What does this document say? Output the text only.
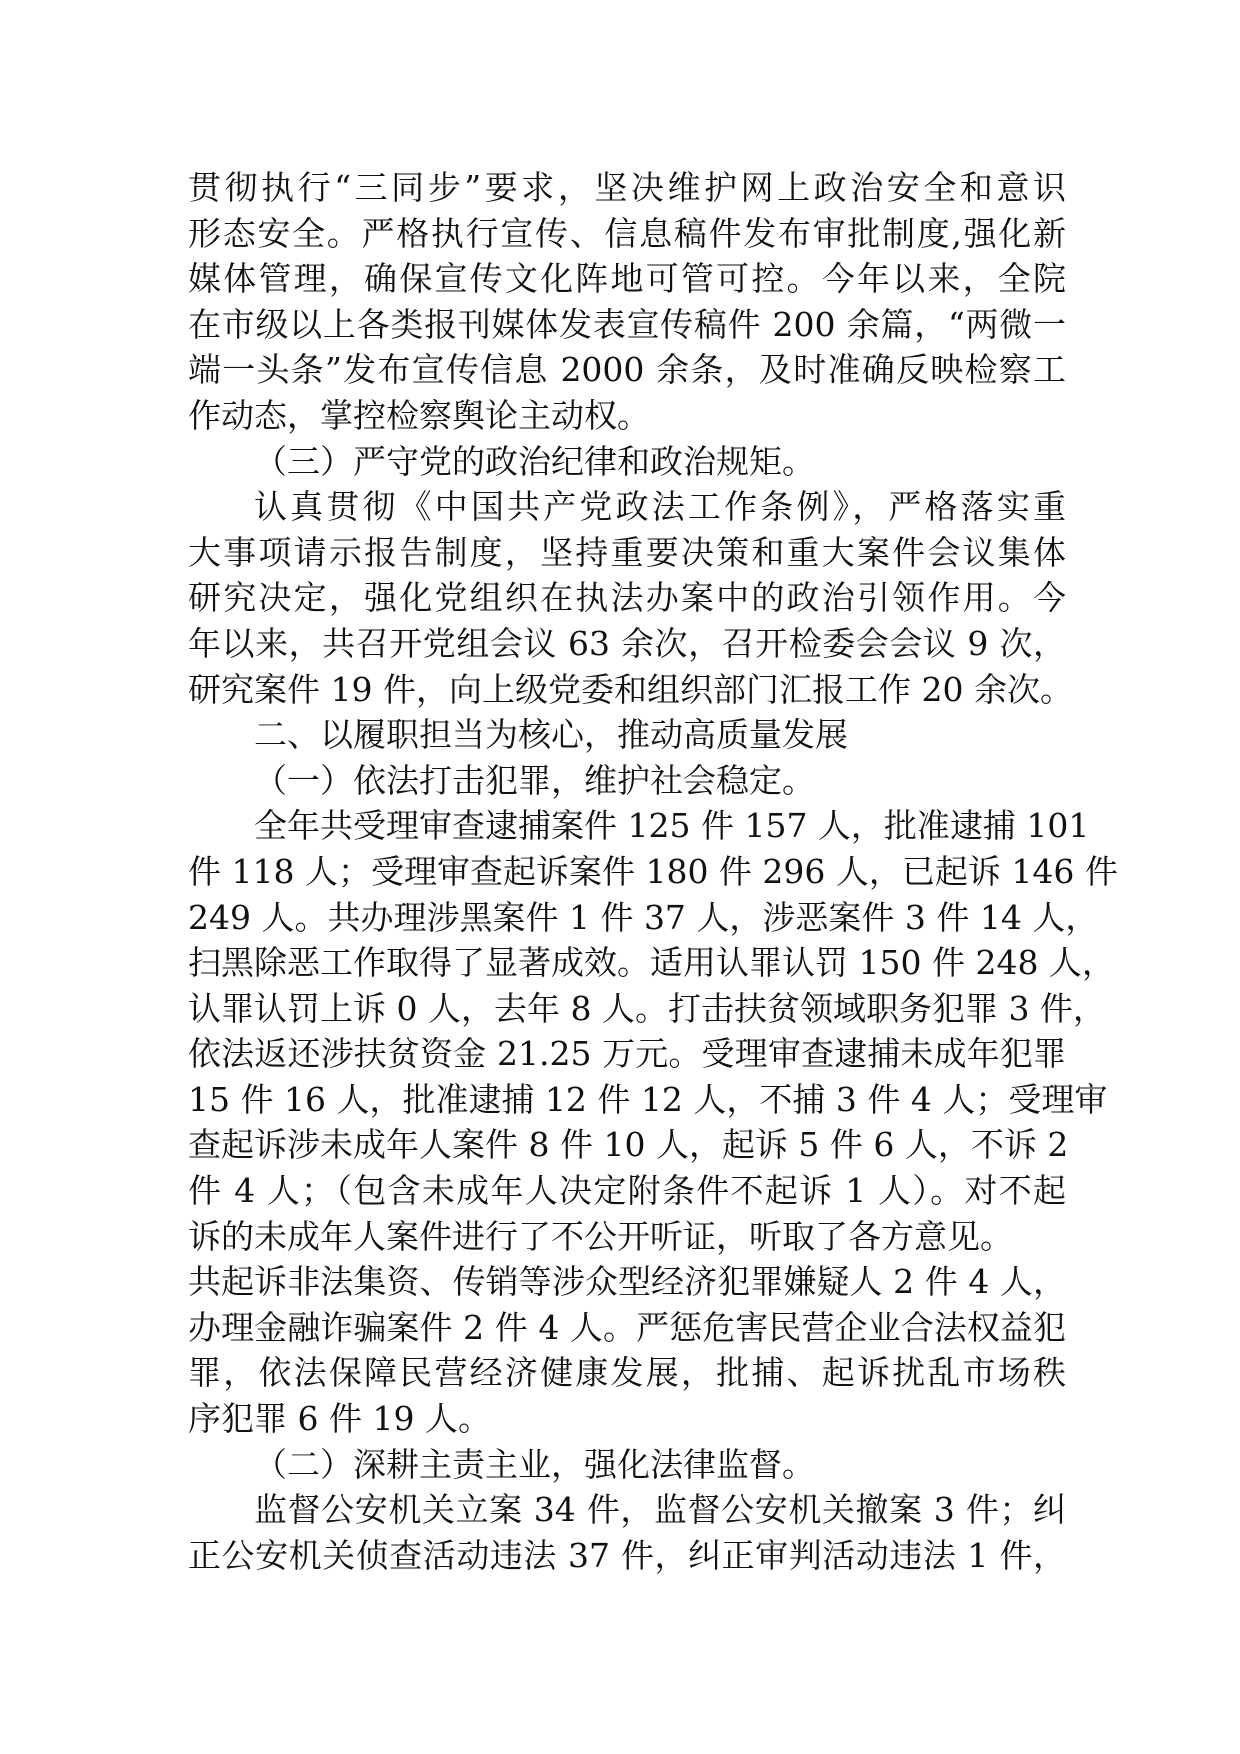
贯彻执行“三同步”要求，坚决维护网上政治安全和意识
形态安全。严格执行宣传、信息稿件发布审批制度,强化新
媒体管理，确保宣传文化阵地可管可控。今年以来，全院
在市级以上各类报刊媒体发表宣传稿件 200 余篇，“两微一
端一头条”发布宣传信息 2000 余条，及时准确反映检察工
作动态，掌控检察舆论主动权。
（三）严守党的政治纪律和政治规矩。
认真贯彻《中国共产党政法工作条例》，严格落实重
大事项请示报告制度，坚持重要决策和重大案件会议集体
研究决定，强化党组织在执法办案中的政治引领作用。今
年以来，共召开党组会议 63 余次，召开检委会会议 9 次，
研究案件 19 件，向上级党委和组织部门汇报工作 20 余次。
二、以履职担当为核心，推动高质量发展
（一）依法打击犯罪，维护社会稳定。
全年共受理审查逮捕案件 125 件 157 人，批准逮捕 101
件 118 人；受理审查起诉案件 180 件 296 人，已起诉 146 件
249 人。共办理涉黑案件 1 件 37 人，涉恶案件 3 件 14 人，
扫黑除恶工作取得了显著成效。适用认罪认罚 150 件 248 人，
认罪认罚上诉 0 人，去年 8 人。打击扶贫领域职务犯罪 3 件，
依法返还涉扶贫资金 21.25 万元。受理审查逮捕未成年犯罪
15 件 16 人，批准逮捕 12 件 12 人，不捕 3 件 4 人；受理审
查起诉涉未成年人案件 8 件 10 人，起诉 5 件 6 人，不诉 2
件 4 人；（包含未成年人决定附条件不起诉 1 人）。对不起
诉的未成年人案件进行了不公开听证，听取了各方意见。
共起诉非法集资、传销等涉众型经济犯罪嫌疑人 2 件 4 人，
办理金融诈骗案件 2 件 4 人。严惩危害民营企业合法权益犯
罪，依法保障民营经济健康发展，批捕、起诉扰乱市场秩
序犯罪 6 件 19 人。
（二）深耕主责主业，强化法律监督。
监督公安机关立案 34 件，监督公安机关撤案 3 件；纠
正公安机关侦查活动违法 37 件，纠正审判活动违法 1 件，
